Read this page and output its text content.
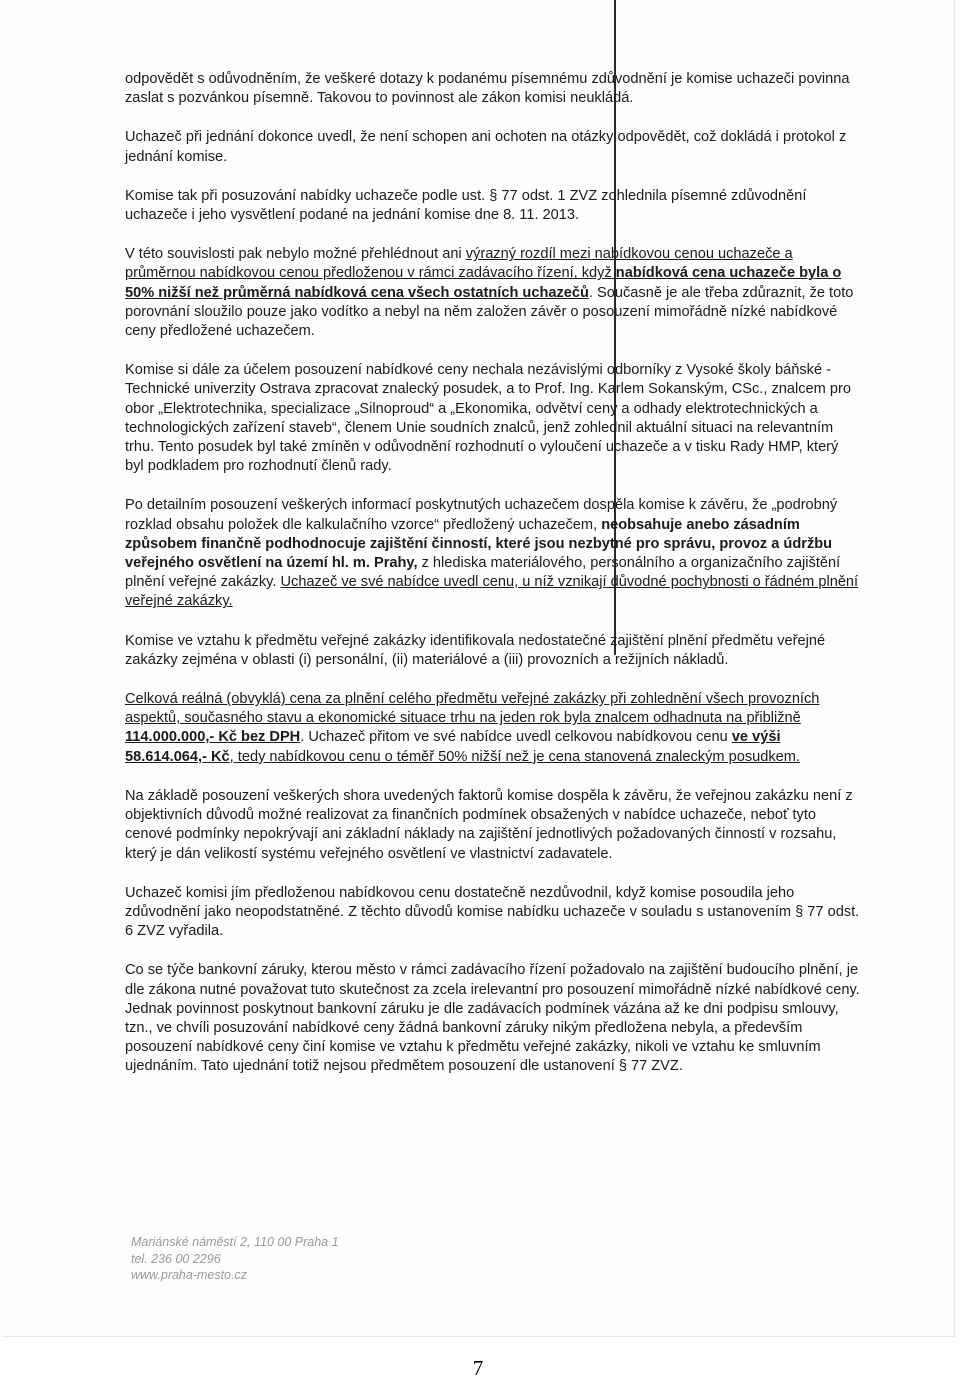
odpovědět s odůvodněním, že veškeré dotazy k podanému písemnému zdůvodnění je komise uchazeči povinna zaslat s pozvánkou písemně. Takovou to povinnost ale zákon komisi neukládá.

Uchazeč při jednání dokonce uvedl, že není schopen ani ochoten na otázky odpovědět, což dokládá i protokol z jednání komise.

Komise tak při posuzování nabídky uchazeče podle ust. § 77 odst. 1 ZVZ zohlednila písemné zdůvodnění uchazeče i jeho vysvětlení podané na jednání komise dne 8. 11. 2013.

V této souvislosti pak nebylo možné přehlédnout ani výrazný rozdíl mezi nabídkovou cenou uchazeče a průměrnou nabídkovou cenou předloženou v rámci zadávacího řízení, když nabídková cena uchazeče byla o 50% nižší než průměrná nabídková cena všech ostatních uchazečů. Současně je ale třeba zdůraznit, že toto porovnání sloužilo pouze jako vodítko a nebyl na něm založen závěr o posouzení mimořádně nízké nabídkové ceny předložené uchazečem.

Komise si dále za účelem posouzení nabídkové ceny nechala nezávislými odborníky z Vysoké školy báňské - Technické univerzity Ostrava zpracovat znalecký posudek, a to Prof. Ing. Karlem Sokanským, CSc., znalcem pro obor „Elektrotechnika, specializace „Silnoproud“ a „Ekonomika, odvětví ceny a odhady elektrotechnických a technologických zařízení staveb“, členem Unie soudních znalců, jenž zohlednil aktuální situaci na relevantním trhu. Tento posudek byl také zmíněn v odůvodnění rozhodnutí o vyloučení uchazeče a v tisku Rady HMP, který byl podkladem pro rozhodnutí členů rady.

Po detailním posouzení veškerých informací poskytnutých uchazečem dospěla komise k závěru, že „podrobný rozklad obsahu položek dle kalkulačního vzorce“ předložený uchazečem, neobsahuje anebo zásadním způsobem finančně podhodnocuje zajištění činností, které jsou nezbytné pro správu, provoz a údržbu veřejného osvětlení na území hl. m. Prahy, z hlediska materiálového, personálního a organizačního zajištění plnění veřejné zakázky. Uchazeč ve své nabídce uvedl cenu, u níž vznikají důvodné pochybnosti o řádném plnění veřejné zakázky.

Komise ve vztahu k předmětu veřejné zakázky identifikovala nedostatečné zajištění plnění předmětu veřejné zakázky zejména v oblasti (i) personální, (ii) materiálové a (iii) provozních a režijních nákladů.

Celková reálná (obvyklá) cena za plnění celého předmětu veřejné zakázky při zohlednění všech provozních aspektů, současného stavu a ekonomické situace trhu na jeden rok byla znalcem odhadnuta na přibližně 114.000.000,- Kč bez DPH. Uchazeč přitom ve své nabídce uvedl celkovou nabídkovou cenu ve výši 58.614.064,- Kč, tedy nabídkovou cenu o téměř 50% nižší než je cena stanovená znaleckým posudkem.

Na základě posouzení veškerých shora uvedených faktorů komise dospěla k závěru, že veřejnou zakázku není z objektivních důvodů možné realizovat za finančních podmínek obsažených v nabídce uchazeče, neboť tyto cenové podmínky nepokrývají ani základní náklady na zajištění jednotlivých požadovaných činností v rozsahu, který je dán velikostí systému veřejného osvětlení ve vlastnictví zadavatele.

Uchazeč komisi jím předloženou nabídkovou cenu dostatečně nezdůvodnil, když komise posoudila jeho zdůvodnění jako neopodstatněné. Z těchto důvodů komise nabídku uchazeče v souladu s ustanovením § 77 odst. 6 ZVZ vyřadila.

Co se týče bankovní záruky, kterou město v rámci zadávacího řízení požadovalo na zajištění budoucího plnění, je dle zákona nutné považovat tuto skutečnost za zcela irelevantní pro posouzení mimořádně nízké nabídkové ceny. Jednak povinnost poskytnout bankovní záruku je dle zadávacích podmínek vázána až ke dni podpisu smlouvy, tzn., ve chvíli posuzování nabídkové ceny žádná bankovní záruky nikým předložena nebyla, a především posouzení nabídkové ceny činí komise ve vztahu k předmětu veřejné zakázky, nikoli ve vztahu ke smluvním ujednáním. Tato ujednání totiž nejsou předmětem posouzení dle ustanovení § 77 ZVZ.

Mariánské náměstí 2, 110 00 Praha 1
tel. 236 00 2296
www.praha-mesto.cz
7
